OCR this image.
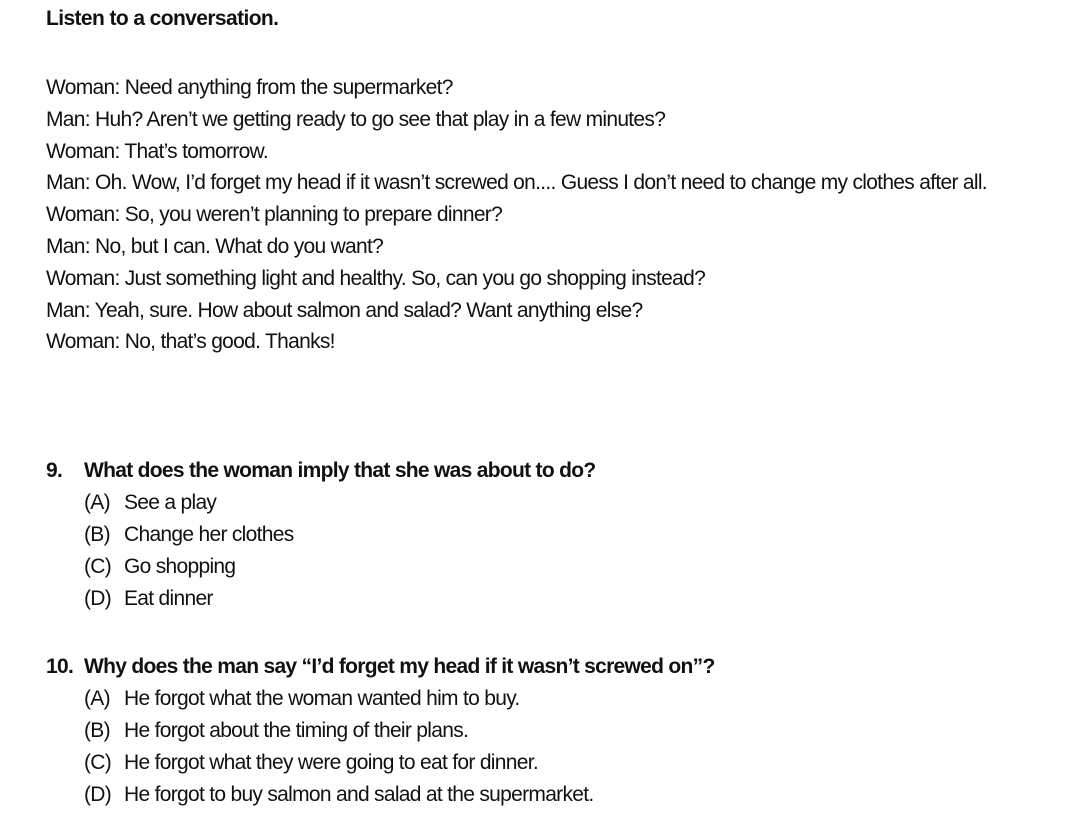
Listen to a conversation.
Woman: Need anything from the supermarket?
Man: Huh? Aren’t we getting ready to go see that play in a few minutes?
Woman: That’s tomorrow.
Man: Oh. Wow, I’d forget my head if it wasn’t screwed on.... Guess I don’t need to change my clothes after all.
Woman: So, you weren’t planning to prepare dinner?
Man: No, but I can. What do you want?
Woman: Just something light and healthy. So, can you go shopping instead?
Man: Yeah, sure. How about salmon and salad? Want anything else?
Woman: No, that’s good. Thanks!
9. What does the woman imply that she was about to do?
(A) See a play
(B) Change her clothes
(C) Go shopping
(D) Eat dinner
10. Why does the man say “I’d forget my head if it wasn’t screwed on”?
(A) He forgot what the woman wanted him to buy.
(B) He forgot about the timing of their plans.
(C) He forgot what they were going to eat for dinner.
(D) He forgot to buy salmon and salad at the supermarket.
